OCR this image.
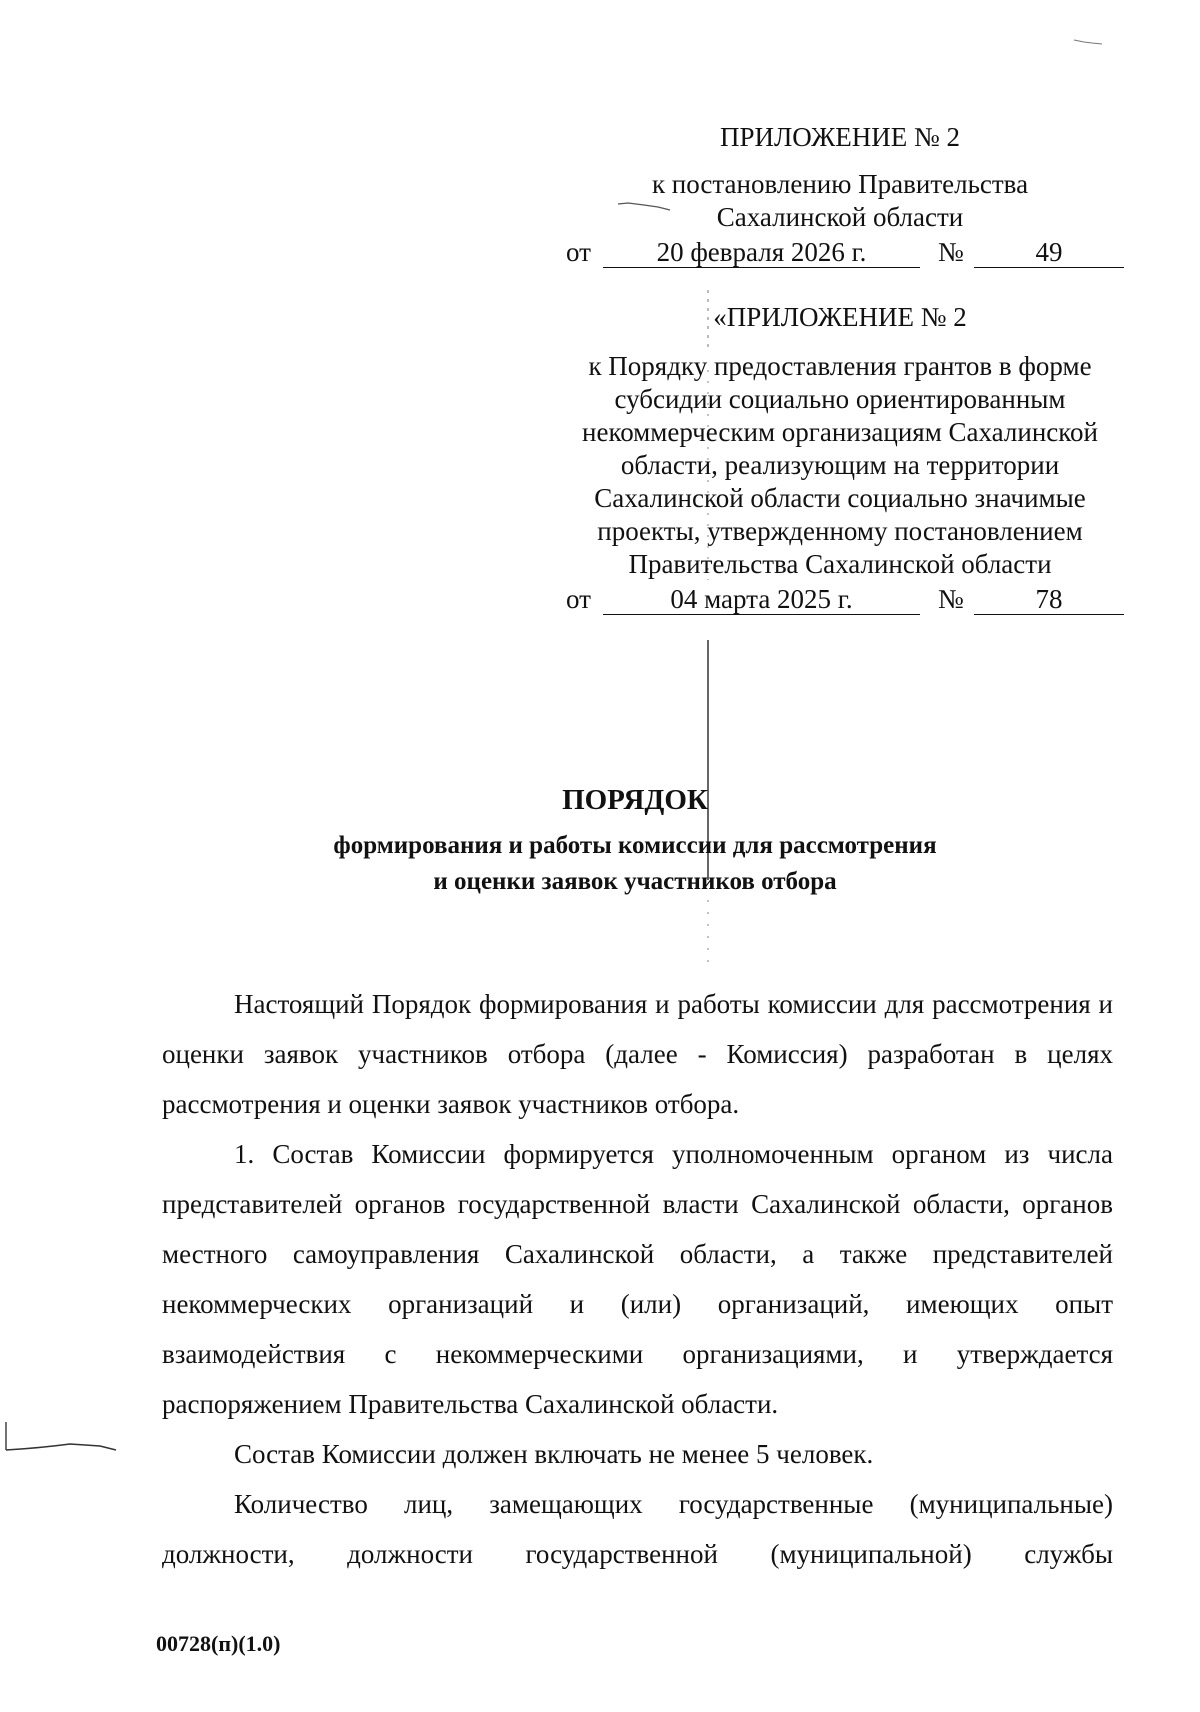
ПРИЛОЖЕНИЕ № 2
к постановлению Правительства
Сахалинской области
от	20 февраля 2026 г.	№	49
«ПРИЛОЖЕНИЕ № 2
к Порядку предоставления грантов в форме
субсидии социально ориентированным
некоммерческим организациям Сахалинской
области, реализующим на территории
Сахалинской области социально значимые
проекты, утвержденному постановлением
Правительства Сахалинской области
от	04 марта 2025 г.	№	78
ПОРЯДОК
формирования и работы комиссии для рассмотрения
и оценки заявок участников отбора

Настоящий Порядок формирования и работы комиссии для рассмотрения и оценки заявок участников отбора (далее - Комиссия) разработан в целях рассмотрения и оценки заявок участников отбора.

1. Состав Комиссии формируется уполномоченным органом из числа представителей органов государственной власти Сахалинской области, органов местного самоуправления Сахалинской области, а также представителей некоммерческих организаций и (или) организаций, имеющих опыт взаимодействия с некоммерческими организациями, и утверждается распоряжением Правительства Сахалинской области.

Состав Комиссии должен включать не менее 5 человек.

Количество лиц, замещающих государственные (муниципальные) должности, должности государственной (муниципальной) службы

00728(п)(1.0)
